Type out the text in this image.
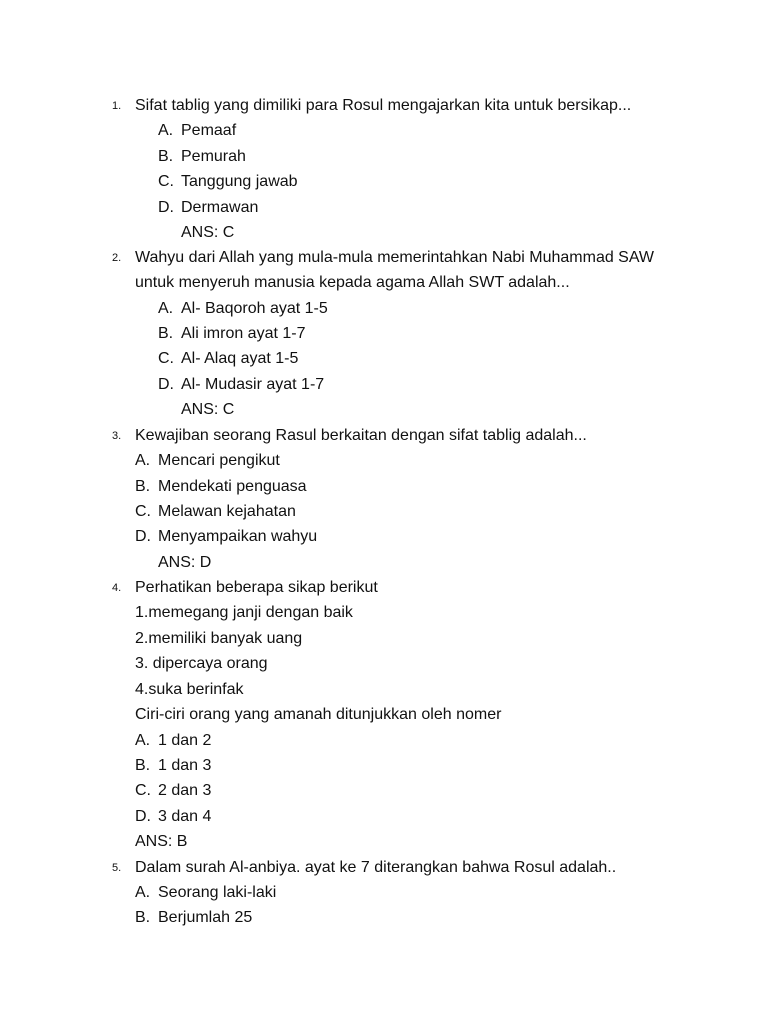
1. Sifat tablig yang dimiliki para Rosul mengajarkan kita untuk bersikap...
A. Pemaaf
B. Pemurah
C. Tanggung jawab
D. Dermawan
ANS: C
2. Wahyu dari Allah yang mula-mula memerintahkan Nabi Muhammad SAW
untuk menyeruh manusia kepada agama Allah SWT adalah...
A. Al- Baqoroh ayat 1-5
B. Ali imron ayat 1-7
C. Al- Alaq ayat 1-5
D. Al- Mudasir ayat 1-7
ANS: C
3. Kewajiban seorang Rasul berkaitan dengan sifat tablig adalah...
A. Mencari pengikut
B. Mendekati penguasa
C. Melawan kejahatan
D. Menyampaikan wahyu
ANS: D
4. Perhatikan beberapa sikap berikut
1.memegang janji dengan baik
2.memiliki banyak uang
3. dipercaya orang
4.suka berinfak
Ciri-ciri orang yang amanah ditunjukkan oleh nomer
A. 1 dan 2
B. 1 dan 3
C. 2 dan 3
D. 3 dan 4
ANS: B
5. Dalam surah Al-anbiya. ayat ke 7 diterangkan bahwa Rosul adalah..
A. Seorang laki-laki
B. Berjumlah 25
